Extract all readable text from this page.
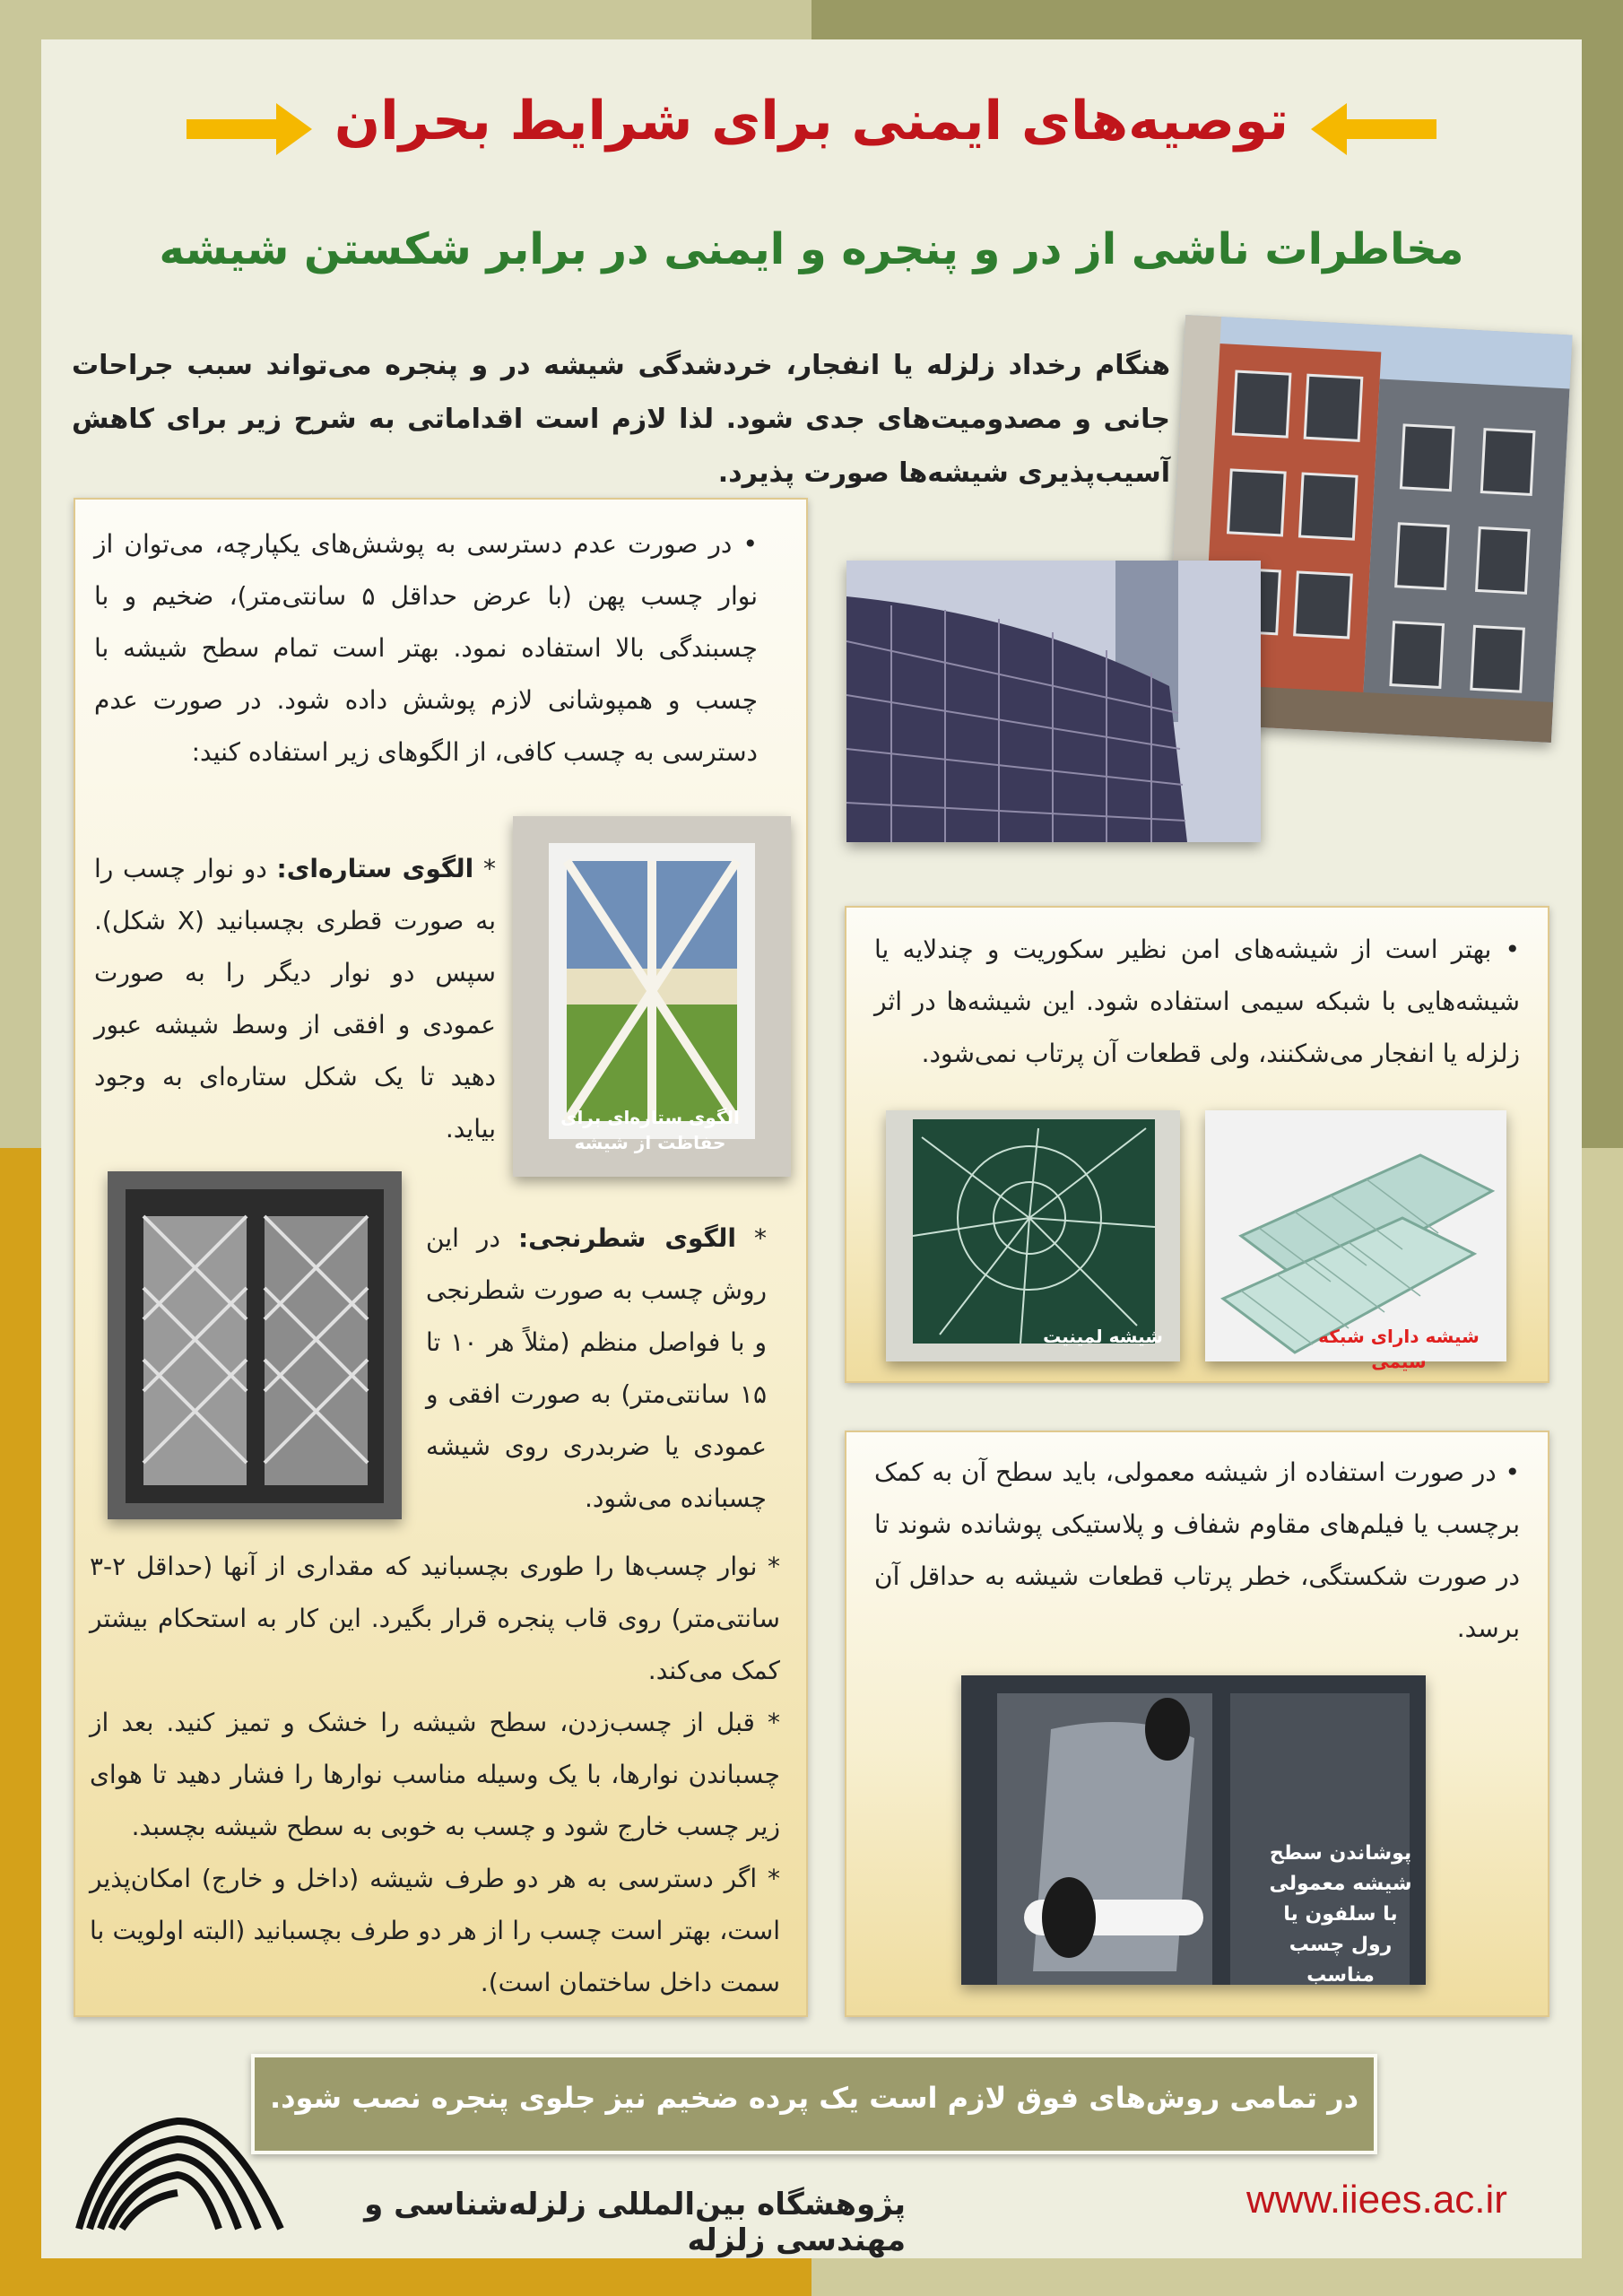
توصیه‌های ایمنی برای شرایط بحران
مخاطرات ناشی از در و پنجره و ایمنی در برابر شکستن شیشه
هنگام رخداد زلزله یا انفجار، خردشدگی شیشه در و پنجره می‌تواند سبب جراحات جانی و مصدومیت‌های جدی شود. لذا لازم است اقداماتی به شرح زیر برای کاهش آسیب‌پذیری شیشه‌ها صورت پذیرد.
• در صورت عدم دسترسی به پوشش‌های یکپارچه، می‌توان از نوار چسب پهن (با عرض حداقل ۵ سانتی‌متر)، ضخیم و با چسبندگی بالا استفاده نمود. بهتر است تمام سطح شیشه با چسب و همپوشانی لازم پوشش داده شود. در صورت عدم دسترسی به چسب کافی، از الگوهای زیر استفاده کنید:
الگوی ستاره‌ای برای حفاظت از شیشه
* الگوی ستاره‌ای: دو نوار چسب را به صورت قطری بچسبانید (X شکل). سپس دو نوار دیگر را به صورت عمودی و افقی از وسط شیشه عبور دهید تا یک شکل ستاره‌ای به وجود بیاید.
* الگوی شطرنجی: در این روش چسب به صورت شطرنجی و با فواصل منظم (مثلاً هر ۱۰ تا ۱۵ سانتی‌متر) به صورت افقی و عمودی یا ضربدری روی شیشه چسبانده می‌شود.
* نوار چسب‌ها را طوری بچسبانید که مقداری از آنها (حداقل ۲-۳ سانتی‌متر) روی قاب پنجره قرار بگیرد. این کار به استحکام بیشتر کمک می‌کند.
* قبل از چسب‌زدن، سطح شیشه را خشک و تمیز کنید. بعد از چسباندن نوارها، با یک وسیله مناسب نوارها را فشار دهید تا هوای زیر چسب خارج شود و چسب به خوبی به سطح شیشه بچسبد.
* اگر دسترسی به هر دو طرف شیشه (داخل و خارج) امکان‌پذیر است، بهتر است چسب را از هر دو طرف بچسبانید (البته اولویت با سمت داخل ساختمان است).
• بهتر است از شیشه‌های امن نظیر سکوریت و چندلایه یا شیشه‌هایی با شبکه سیمی استفاده شود. این شیشه‌ها در اثر زلزله یا انفجار می‌شکنند، ولی قطعات آن پرتاب نمی‌شود.
شیشه لمینیت	شیشه دارای شبکه سیمی
• در صورت استفاده از شیشه معمولی، باید سطح آن به کمک برچسب یا فیلم‌های مقاوم شفاف و پلاستیکی پوشانده شوند تا در صورت شکستگی، خطر پرتاب قطعات شیشه به حداقل آن برسد.
پوشاندن سطح شیشه معمولی با سلفون یا رول چسب مناسب
در تمامی روش‌های فوق لازم است یک پرده ضخیم نیز جلوی پنجره نصب شود.
پژوهشگاه بین‌المللی زلزله‌شناسی و مهندسی زلزله
www.iiees.ac.ir
